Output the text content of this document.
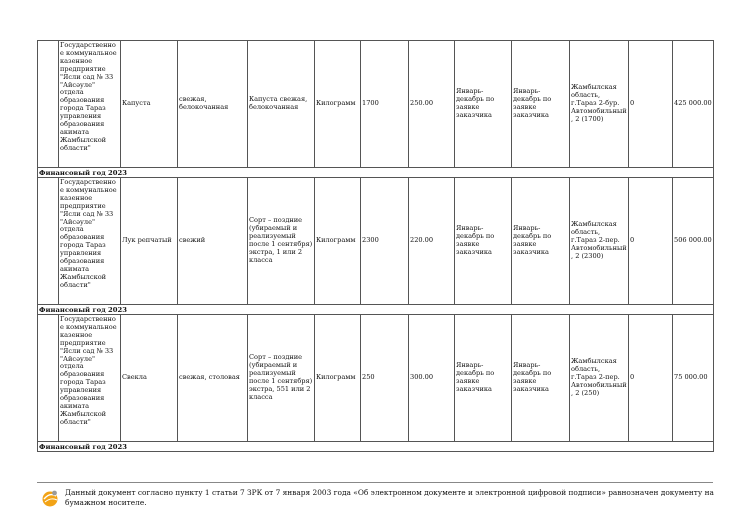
	Государственное коммунальное казенное предприятие "Ясли сад № 33 "Айсәуле" отдела образования города Тараз управления образования акимата Жамбылской области"	Капуста	свежая, белокочанная	Капуста свежая, белокочанная	Килограмм	1700	250.00	Январь-декабрь по заявке заказчика	Январь-декабрь по заявке заказчика	Жамбылская область, г.Тараз 2-бур. Автомобильный, 2 (1700)	0	425 000.00
Финансовый год 2023												
	Государственное коммунальное казенное предприятие "Ясли сад № 33 "Айсәуле" отдела образования города Тараз управления образования акимата Жамбылской области"	Лук репчатый	свежий	Сорт – поздние (убираемый и реализуемый после 1 сентября) экстра, 1 или 2 класса	Килограмм	2300	220.00	Январь-декабрь по заявке заказчика	Январь-декабрь по заявке заказчика	Жамбылская область, г.Тараз 2-пер. Автомобильный, 2 (2300)	0	506 000.00
Финансовый год 2023												
	Государственное коммунальное казенное предприятие "Ясли сад № 33 "Айсәуле" отдела образования города Тараз управления образования акимата Жамбылской области"	Свекла	свежая, столовая	Сорт – поздние (убираемый и реализуемый после 1 сентября) экстра, 551 или 2 класса	Килограмм	250	300.00	Январь-декабрь по заявке заказчика	Январь-декабрь по заявке заказчика	Жамбылская область, г.Тараз 2-пер. Автомобильный, 2 (250)	0	75 000.00
Финансовый год 2023												
Данный документ согласно пункту 1 статьи 7 ЗРК от 7 января 2003 года «Об электронном документе и электронной цифровой подписи» равнозначен документу на бумажном носителе.
